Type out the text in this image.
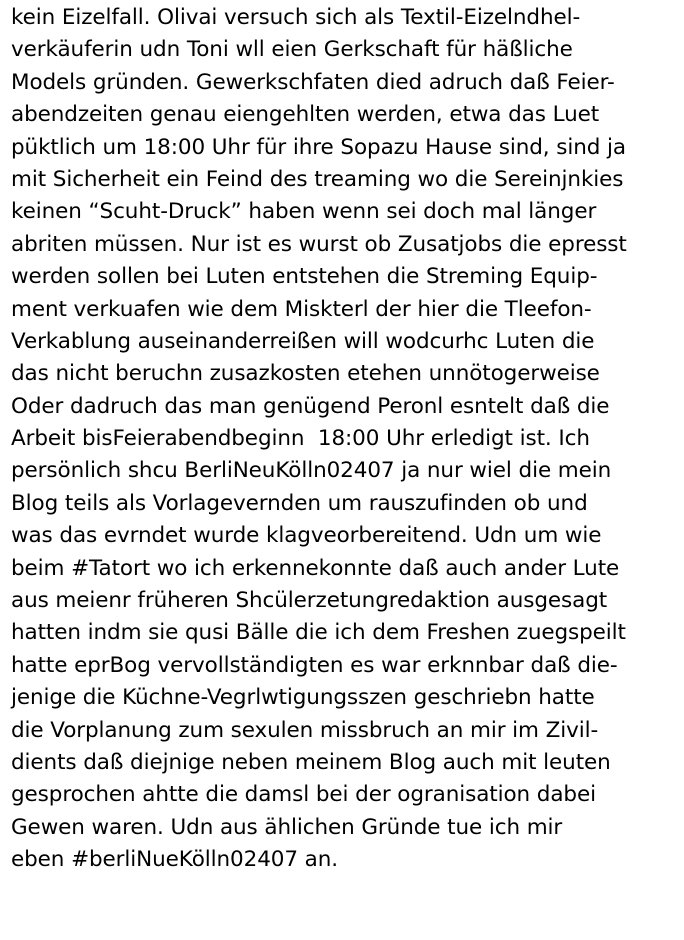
kein Eizelfall. Olivai versuch sich als Textil-Eizelndhel-
verkäuferin udn Toni wll eien Gerkschaft für häßliche
Models gründen. Gewerkschfaten died adruch daß Feier-
abendzeiten genau eiengehlten werden, etwa das Luet
püktlich um 18:00 Uhr für ihre Sopazu Hause sind, sind ja
mit Sicherheit ein Feind des treaming wo die Sereinjnkies
keinen “Scuht-Druck” haben wenn sei doch mal länger
abriten müssen. Nur ist es wurst ob Zusatjobs die epresst
werden sollen bei Luten entstehen die Streming Equip-
ment verkuafen wie dem Miskterl der hier die Tleefon-
Verkablung auseinanderreißen will wodcurhc Luten die
das nicht beruchn zusazkosten etehen unnötogerweise
Oder dadruch das man genügend Peronl esntelt daß die
Arbeit bisFeierabendbeginn  18:00 Uhr erledigt ist. Ich
persönlich shcu BerliNeuKölln02407 ja nur wiel die mein
Blog teils als Vorlagevernden um rauszufinden ob und
was das evrndet wurde klagveorbereitend. Udn um wie
beim #Tatort wo ich erkennekonnte daß auch ander Lute
aus meienr früheren Shcülerzetungredaktion ausgesagt
hatten indm sie qusi Bälle die ich dem Freshen zuegspeilt
hatte eprBog vervollständigten es war erknnbar daß die-
jenige die Küchne-Vegrlwtigungsszen geschriebn hatte
die Vorplanung zum sexulen missbruch an mir im Zivil-
dients daß diejnige neben meinem Blog auch mit leuten
gesprochen ahtte die damsl bei der ogranisation dabei
Gewen waren. Udn aus ählichen Gründe tue ich mir
eben #berliNueKölln02407 an.
